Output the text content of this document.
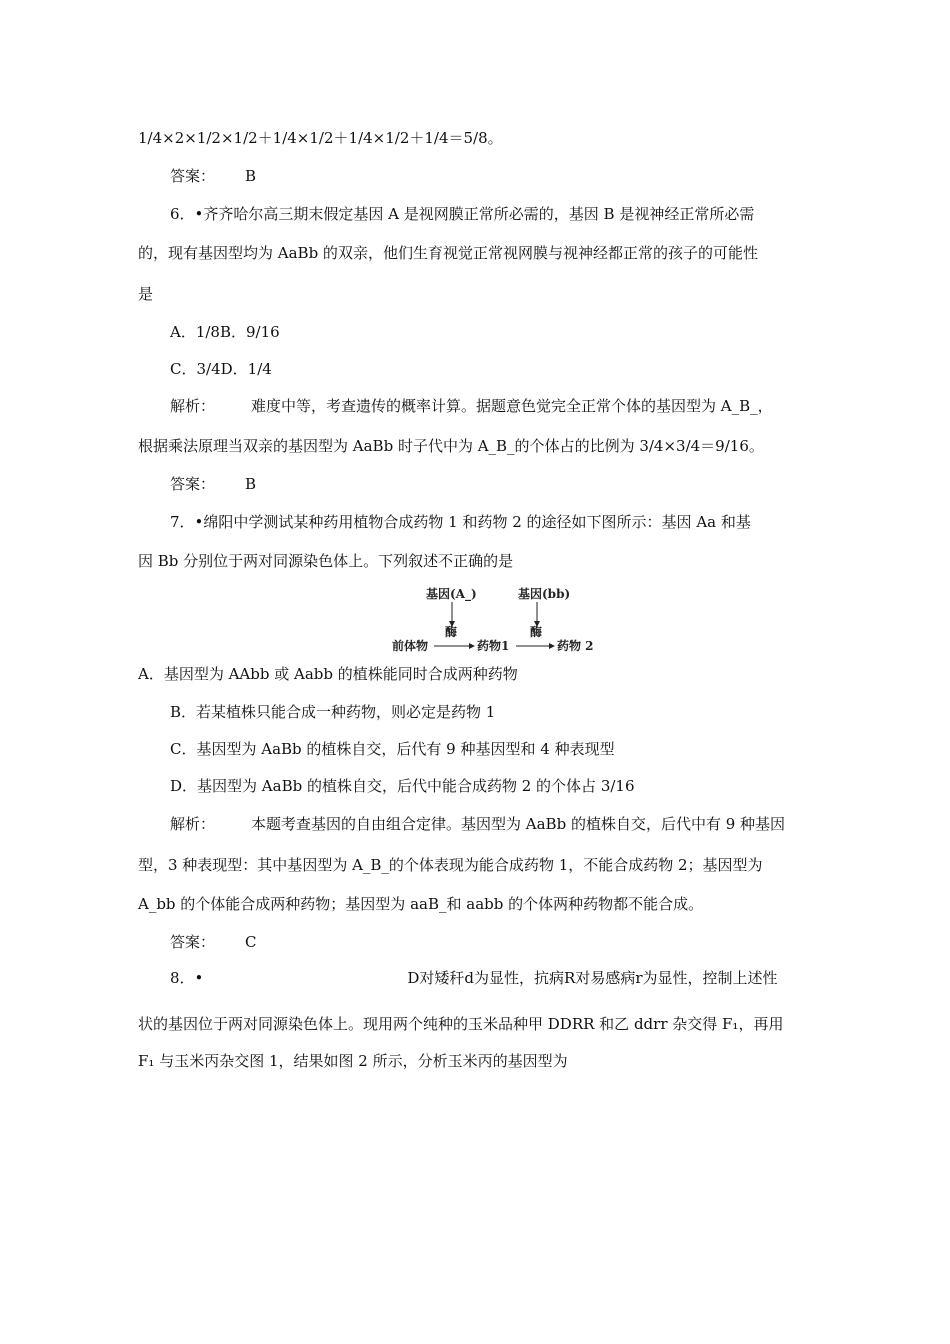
1/4×2×1/2×1/2＋1/4×1/2＋1/4×1/2＋1/4＝5/8。
答案： B
6．•齐齐哈尔高三期末假定基因 A 是视网膜正常所必需的，基因 B 是视神经正常所必需
的，现有基因型均为 AaBb 的双亲，他们生育视觉正常视网膜与视神经都正常的孩子的可能性
是
A．1/8B．9/16
C．3/4D．1/4
解析： 难度中等，考查遗传的概率计算。据题意色觉完全正常个体的基因型为 A_B_，
根据乘法原理当双亲的基因型为 AaBb 时子代中为 A_B_的个体占的比例为 3/4×3/4＝9/16。
答案： B
7．•绵阳中学测试某种药用植物合成药物 1 和药物 2 的途径如下图所示：基因 Aa 和基
因 Bb 分别位于两对同源染色体上。下列叙述不正确的是
基因(A_)	基因(bb)
酶	酶
前体物	药物1	药物 2
A．基因型为 AAbb 或 Aabb 的植株能同时合成两种药物
B．若某植株只能合成一种药物，则必定是药物 1
C．基因型为 AaBb 的植株自交，后代有 9 种基因型和 4 种表现型
D．基因型为 AaBb 的植株自交，后代中能合成药物 2 的个体占 3/16
解析： 本题考查基因的自由组合定律。基因型为 AaBb 的植株自交，后代中有 9 种基因
型，3 种表现型：其中基因型为 A_B_的个体表现为能合成药物 1，不能合成药物 2；基因型为
A_bb 的个体能合成两种药物；基因型为 aaB_和 aabb 的个体两种药物都不能合成。
答案： C
8．•	D对矮秆d为显性，抗病R对易感病r为显性，控制上述性
状的基因位于两对同源染色体上。现用两个纯种的玉米品种甲 DDRR 和乙 ddrr 杂交得 F₁，再用
F₁ 与玉米丙杂交图 1，结果如图 2 所示，分析玉米丙的基因型为
